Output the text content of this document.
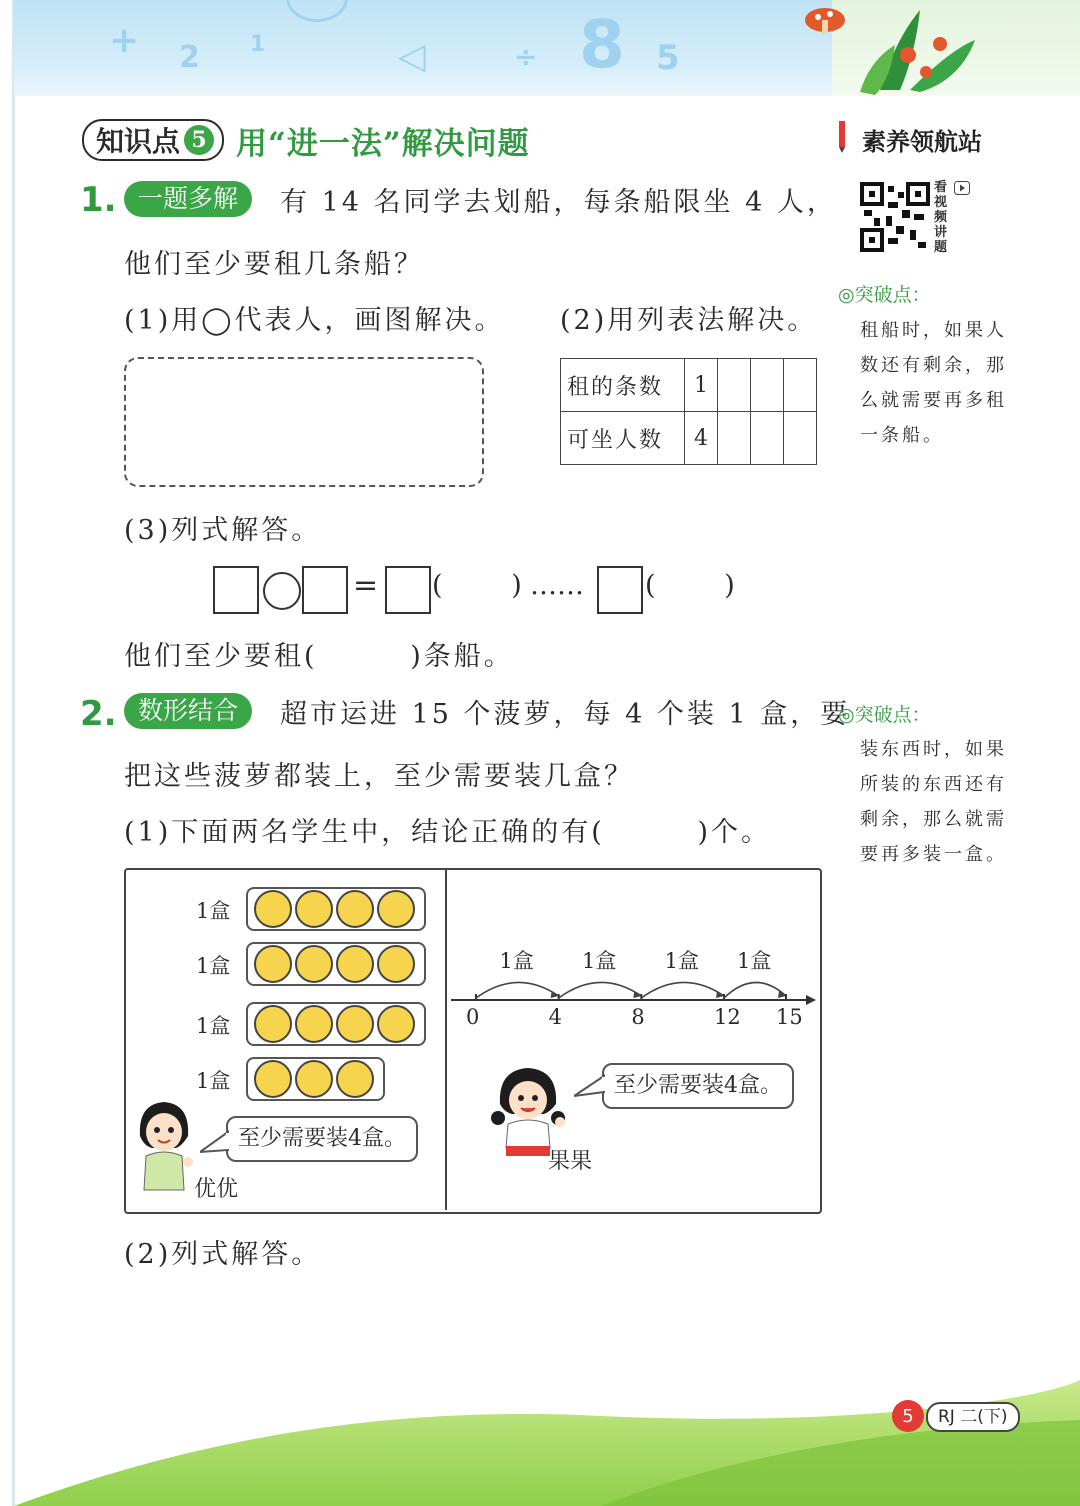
+ 2 1	◁	÷ 8 5
知识点 5 用“进一法”解决问题	素养领航站
看视频讲题
1. 一题多解	有 14 名同学去划船，每条船限坐 4 人，
他们至少要租几条船？
(1)用◯代表人，画图解决。 (2)用列表法解决。
租的条数	1			
可坐人数	4			
(3)列式解答。
= (        ) …… (        )
他们至少要租(        )条船。
◎突破点：
租船时，如果人数还有剩余，那么就需要再多租一条船。
2. 数形结合	超市运进 15 个菠萝，每 4 个装 1 盒，要
把这些菠萝都装上，至少需要装几盒？
(1)下面两名学生中，结论正确的有(        )个。
◎突破点：
装东西时，如果所装的东西还有剩余，那么就需要再多装一盒。
1盒
1盒
1盒
1盒
至少需要装4盒。
优优
0
1盒
4
1盒
8
1盒
12
1盒
15
至少需要装4盒。
果果
(2)列式解答。
5	RJ 二(下)
